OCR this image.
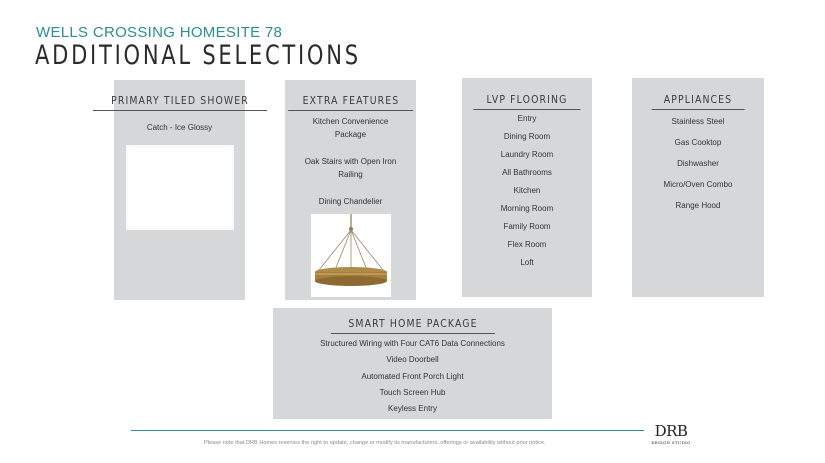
WELLS CROSSING HOMESITE 78
ADDITIONAL SELECTIONS
PRIMARY TILED SHOWER
Catch - Ice Glossy
EXTRA FEATURES
Kitchen Convenience
Package
Oak Stairs with Open Iron
Railing
Dining Chandelier
LVP FLOORING
Entry
Dining Room
Laundry Room
All Bathrooms
Kitchen
Morning Room
Family Room
Flex Room
Loft
APPLIANCES
Stainless Steel
Gas Cooktop
Dishwasher
Micro/Oven Combo
Range Hood
SMART HOME PACKAGE
Structured Wiring with Four CAT6 Data Connections
Video Doorbell
Automated Front Porch Light
Touch Screen Hub
Keyless Entry
Please note that DRB Homes reserves the right to update, change or modify its manufacturers, offerings or availability without prior notice.
DRB
DESIGN STUDIO
